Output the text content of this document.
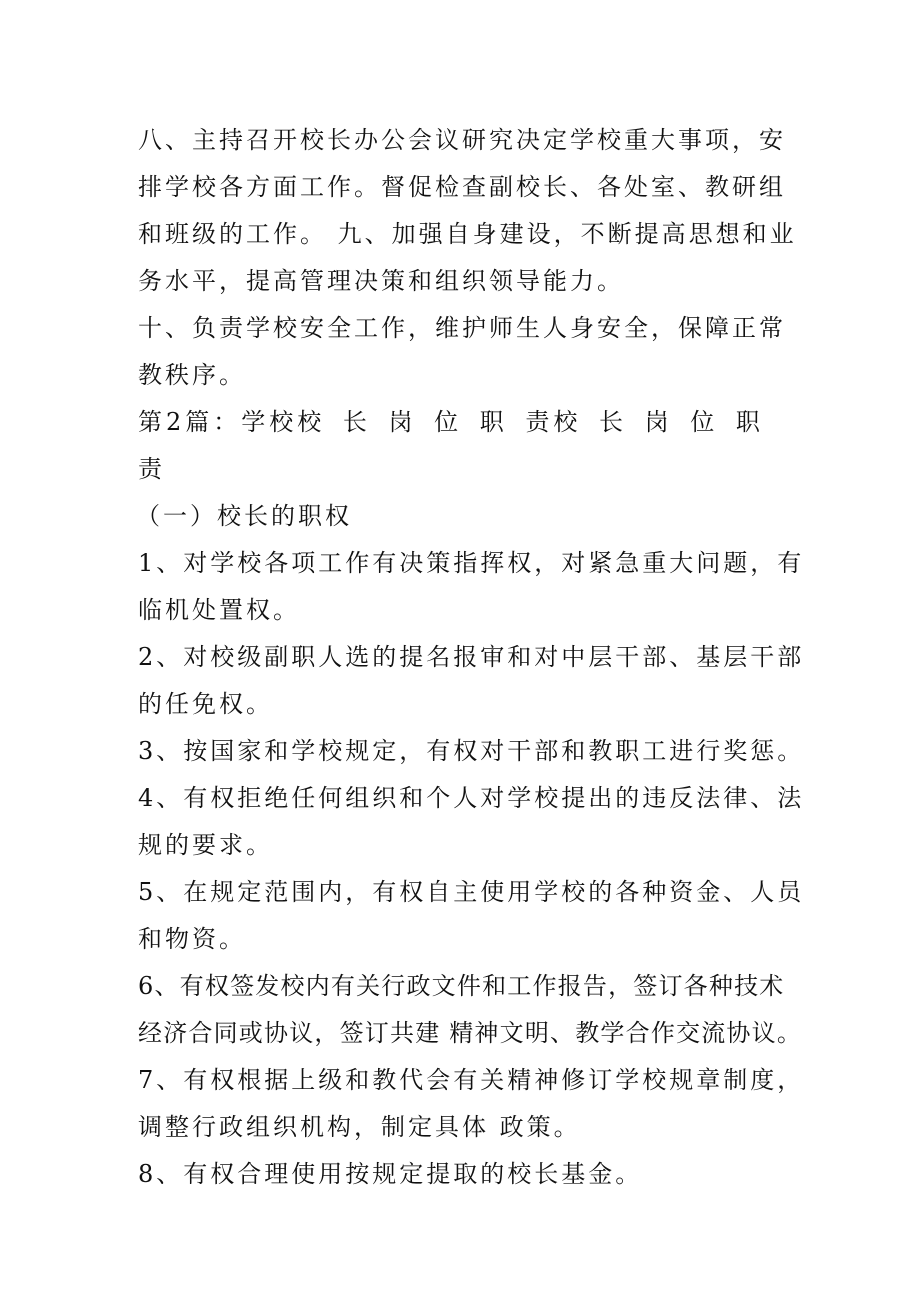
八、主持召开校长办公会议研究决定学校重大事项，安排学校各方面工作。督促检查副校长、各处室、教研组和班级的工作。 九、加强自身建设，不断提高思想和业务水平，提高管理决策和组织领导能力。

十、负责学校安全工作，维护师生人身安全，保障正常教秩序。

第2篇：学校校 长 岗 位 职 责校 长 岗 位 职 责

（一）校长的职权

1、对学校各项工作有决策指挥权，对紧急重大问题，有临机处置权。

2、对校级副职人选的提名报审和对中层干部、基层干部的任免权。

3、按国家和学校规定，有权对干部和教职工进行奖惩。

4、有权拒绝任何组织和个人对学校提出的违反法律、法规的要求。

5、在规定范围内，有权自主使用学校的各种资金、人员和物资。

6、有权签发校内有关行政文件和工作报告，签订各种技术经济合同或协议，签订共建 精神文明、教学合作交流协议。

7、有权根据上级和教代会有关精神修订学校规章制度，调整行政组织机构，制定具体 政策。

8、有权合理使用按规定提取的校长基金。
